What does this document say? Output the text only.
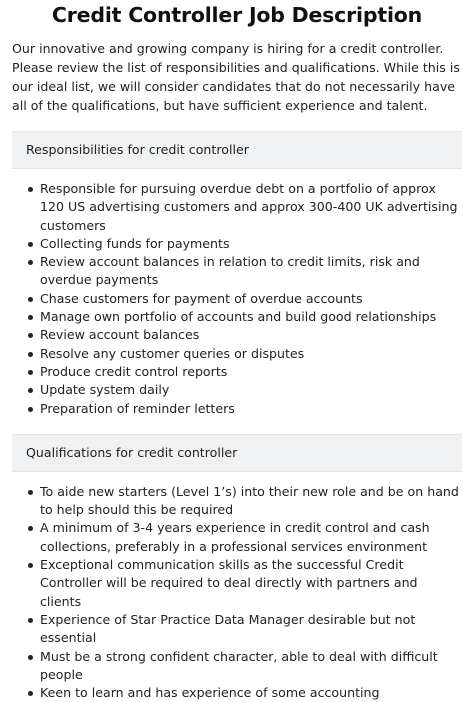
Credit Controller Job Description

Our innovative and growing company is hiring for a credit controller. Please review the list of responsibilities and qualifications. While this is our ideal list, we will consider candidates that do not necessarily have all of the qualifications, but have sufficient experience and talent.

Responsibilities for credit controller
Responsible for pursuing overdue debt on a portfolio of approx 120 US advertising customers and approx 300-400 UK advertising customers
Collecting funds for payments
Review account balances in relation to credit limits, risk and overdue payments
Chase customers for payment of overdue accounts
Manage own portfolio of accounts and build good relationships
Review account balances
Resolve any customer queries or disputes
Produce credit control reports
Update system daily
Preparation of reminder letters
Qualifications for credit controller
To aide new starters (Level 1’s) into their new role and be on hand to help should this be required
A minimum of 3-4 years experience in credit control and cash collections, preferably in a professional services environment
Exceptional communication skills as the successful Credit Controller will be required to deal directly with partners and clients
Experience of Star Practice Data Manager desirable but not essential
Must be a strong confident character, able to deal with difficult people
Keen to learn and has experience of some accounting
